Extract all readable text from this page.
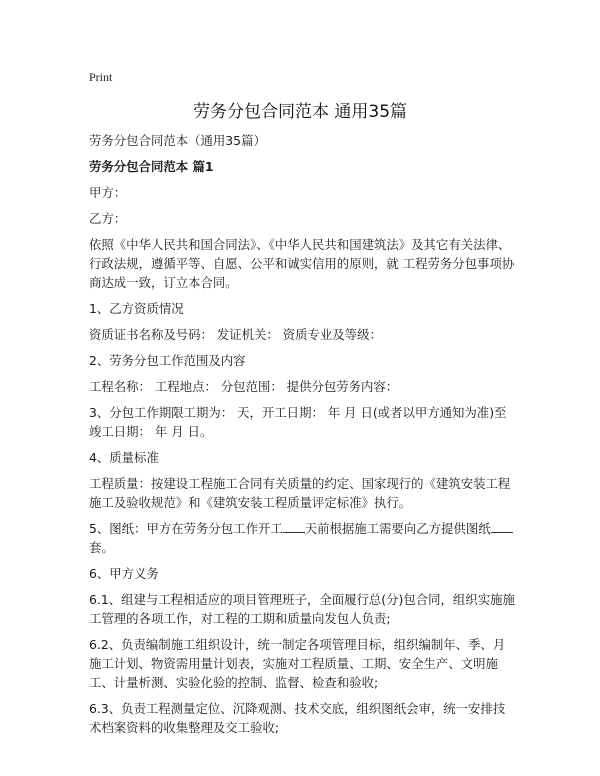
Print
劳务分包合同范本 通用35篇

劳务分包合同范本（通用35篇）

劳务分包合同范本 篇1

甲方：

乙方：

依照《中华人民共和国合同法》、《中华人民共和国建筑法》及其它有关法律、行政法规，遵循平等、自愿、公平和诚实信用的原则，就 工程劳务分包事项协商达成一致，订立本合同。

1、乙方资质情况

资质证书名称及号码： 发证机关： 资质专业及等级：

2、劳务分包工作范围及内容

工程名称： 工程地点： 分包范围： 提供分包劳务内容：

3、分包工作期限工期为： 天，开工日期： 年 月 日(或者以甲方通知为准)至竣工日期： 年 月 日。

4、质量标准

工程质量：按建设工程施工合同有关质量的约定、国家现行的《建筑安装工程施工及验收规范》和《建筑安装工程质量评定标准》执行。

5、图纸：甲方在劳务分包工作开工 天前根据施工需要向乙方提供图纸套。

6、甲方义务

6.1、组建与工程相适应的项目管理班子，全面履行总(分)包合同，组织实施施工管理的各项工作，对工程的工期和质量向发包人负责;

6.2、负责编制施工组织设计，统一制定各项管理目标，组织编制年、季、月施工计划、物资需用量计划表，实施对工程质量、工期、安全生产、文明施工、计量析测、实验化验的控制、监督、检查和验收;

6.3、负责工程测量定位、沉降观测、技术交底，组织图纸会审，统一安排技术档案资料的收集整理及交工验收;
